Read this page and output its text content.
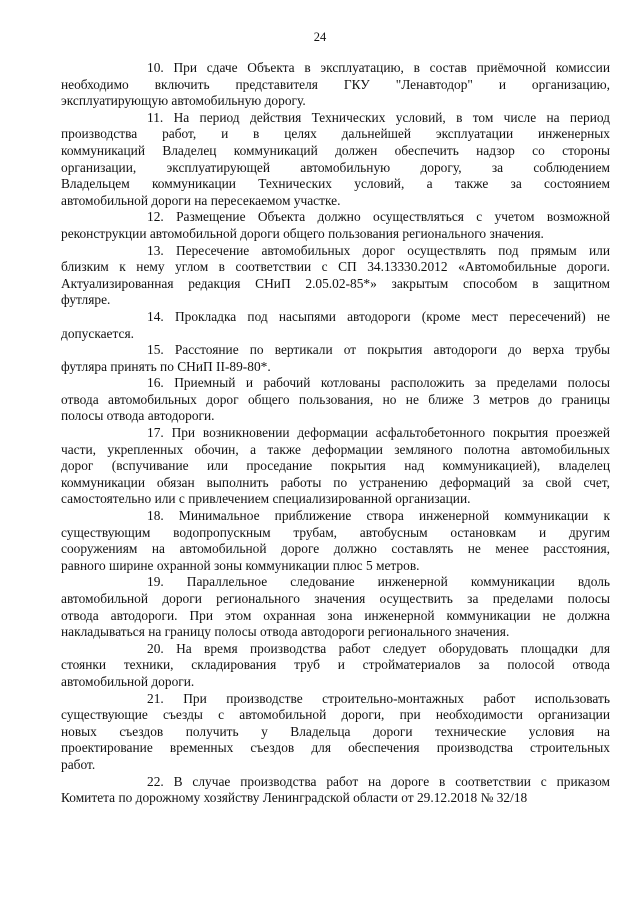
24
10. При сдаче Объекта в эксплуатацию, в состав приёмочной комиссии
необходимо включить представителя ГКУ "Ленавтодор" и организацию,
эксплуатирующую автомобильную дорогу.
11. На период действия Технических условий, в том числе на период
производства работ, и в целях дальнейшей эксплуатации инженерных
коммуникаций Владелец коммуникаций должен обеспечить надзор со стороны
организации, эксплуатирующей автомобильную дорогу, за соблюдением
Владельцем коммуникации Технических условий, а также за состоянием
автомобильной дороги на пересекаемом участке.
12. Размещение Объекта должно осуществляться с учетом возможной
реконструкции автомобильной дороги общего пользования регионального значения.
13. Пересечение автомобильных дорог осуществлять под прямым или
близким к нему углом в соответствии с СП 34.13330.2012 «Автомобильные дороги.
Актуализированная редакция СНиП 2.05.02-85*» закрытым способом в защитном
футляре.
14. Прокладка под насыпями автодороги (кроме мест пересечений) не
допускается.
15. Расстояние по вертикали от покрытия автодороги до верха трубы
футляра принять по СНиП II-89-80*.
16. Приемный и рабочий котлованы расположить за пределами полосы
отвода автомобильных дорог общего пользования, но не ближе 3 метров до границы
полосы отвода автодороги.
17. При возникновении деформации асфальтобетонного покрытия проезжей
части, укрепленных обочин, а также деформации земляного полотна автомобильных
дорог (вспучивание или проседание покрытия над коммуникацией), владелец
коммуникации обязан выполнить работы по устранению деформаций за свой счет,
самостоятельно или с привлечением специализированной организации.
18. Минимальное приближение створа инженерной коммуникации к
существующим водопропускным трубам, автобусным остановкам и другим
сооружениям на автомобильной дороге должно составлять не менее расстояния,
равного ширине охранной зоны коммуникации плюс 5 метров.
19. Параллельное следование инженерной коммуникации вдоль
автомобильной дороги регионального значения осуществить за пределами полосы
отвода автодороги. При этом охранная зона инженерной коммуникации не должна
накладываться на границу полосы отвода автодороги регионального значения.
20. На время производства работ следует оборудовать площадки для
стоянки техники, складирования труб и стройматериалов за полосой отвода
автомобильной дороги.
21. При производстве строительно-монтажных работ использовать
существующие съезды с автомобильной дороги, при необходимости организации
новых съездов получить у Владельца дороги технические условия на
проектирование временных съездов для обеспечения производства строительных
работ.
22. В случае производства работ на дороге в соответствии с приказом
Комитета по дорожному хозяйству Ленинградской области от 29.12.2018 № 32/18
